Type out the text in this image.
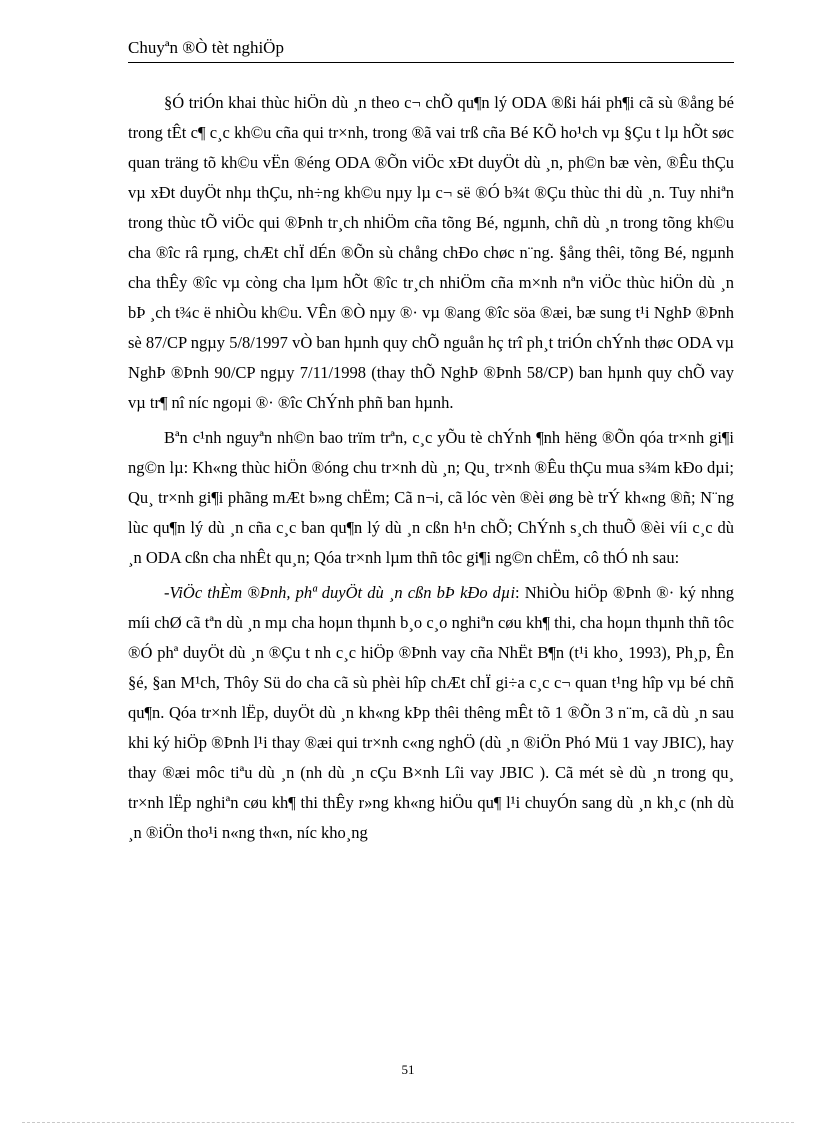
Chuyªn ®Ò tèt nghiÖp

§Ó triÓn khai thùc hiÖn dù ¸n theo c¬ chÕ qu¶n lý ODA ®ßi hái ph¶i cã sù ®ång bé trong tÊt c¶ c¸c kh©u cña qui tr×nh, trong ®ã vai trß cña Bé KÕ ho¹ch vµ §Çu t lµ hÕt søc quan träng tõ kh©u vËn ®éng ODA ®Õn viÖc xÐt duyÖt dù ¸n, ph©n bæ vèn, ®Êu thÇu vµ xÐt duyÖt nhµ thÇu, nh÷ng kh©u nµy lµ c¬ së ®Ó b¾t ®Çu thùc thi dù ¸n. Tuy nhiªn trong thùc tÕ viÖc qui ®Þnh tr¸ch nhiÖm cña tõng Bé, ngµnh, chñ dù ¸n trong tõng kh©u cha ®îc râ rµng, chÆt chÏ dÉn ®Õn sù chång chÐo chøc n¨ng. §ång thêi, tõng Bé, ngµnh cha thÊy ®îc vµ còng cha lµm hÕt ®îc tr¸ch nhiÖm cña m×nh nªn viÖc thùc hiÖn dù ¸n bÞ ¸ch t¾c ë nhiÒu kh©u. VÊn ®Ò nµy ®· vµ ®ang ®îc söa ®æi, bæ sung t¹i NghÞ ®Þnh sè 87/CP ngµy 5/8/1997 vÒ ban hµnh quy chÕ nguån hç trî ph¸t triÓn chÝnh thøc ODA vµ NghÞ ®Þnh 90/CP ngµy 7/11/1998 (thay thÕ NghÞ ®Þnh 58/CP) ban hµnh quy chÕ vay vµ tr¶ nî níc ngoµi ®· ®îc ChÝnh phñ ban hµnh.

Bªn c¹nh nguyªn nh©n bao trïm trªn, c¸c yÕu tè chÝnh ¶nh hëng ®Õn qóa tr×nh gi¶i ng©n lµ: Kh«ng thùc hiÖn ®óng chu tr×nh dù ¸n; Qu¸ tr×nh ®Êu thÇu mua s¾m kÐo dµi; Qu¸ tr×nh gi¶i phãng mÆt b»ng chËm; Cã n¬i, cã lóc vèn ®èi øng bè trÝ kh«ng ®ñ; N¨ng lùc qu¶n lý dù ¸n cña c¸c ban qu¶n lý dù ¸n cßn h¹n chÕ; ChÝnh s¸ch thuÕ ®èi víi c¸c dù ¸n ODA cßn cha nhÊt qu¸n; Qóa tr×nh lµm thñ tôc gi¶i ng©n chËm, cô thÓ nh sau:

-ViÖc thÈm ®Þnh, phª duyÖt dù ¸n cßn bÞ kÐo dµi: NhiÒu hiÖp ®Þnh ®· ký nhng míi chØ cã tªn dù ¸n mµ cha hoµn thµnh b¸o c¸o nghiªn cøu kh¶ thi, cha hoµn thµnh thñ tôc ®Ó phª duyÖt dù ¸n ®Çu t nh c¸c hiÖp ®Þnh vay cña NhËt B¶n (t¹i kho¸ 1993), Ph¸p, Ên §é, §an M¹ch, Thôy Sü do cha cã sù phèi hîp chÆt chÏ gi÷a c¸c c¬ quan t¹ng hîp vµ bé chñ qu¶n. Qóa tr×nh lËp, duyÖt dù ¸n kh«ng kÞp thêi thêng mÊt tõ 1 ®Õn 3 n¨m, cã dù ¸n sau khi ký hiÖp ®Þnh l¹i thay ®æi qui tr×nh c«ng nghÖ (dù ¸n ®iÖn Phó Mü 1 vay JBIC), hay thay ®æi môc tiªu dù ¸n (nh dù ¸n cÇu B×nh Lîi vay JBIC ). Cã mét sè dù ¸n trong qu¸ tr×nh lËp nghiªn cøu kh¶ thi thÊy r»ng kh«ng hiÖu qu¶ l¹i chuyÓn sang dù ¸n kh¸c (nh dù ¸n ®iÖn tho¹i n«ng th«n, níc kho¸ng

51
